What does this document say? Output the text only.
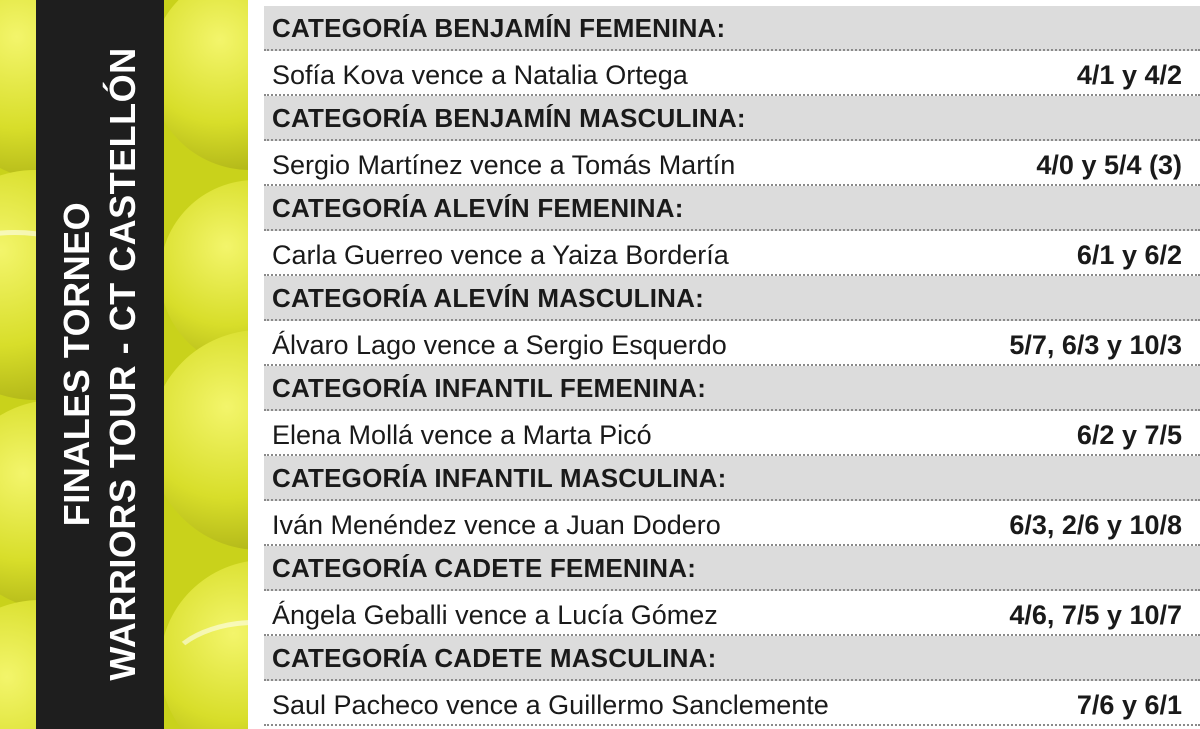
FINALES TORNEO WARRIORS TOUR - CT CASTELLÓN
CATEGORÍA BENJAMÍN FEMENINA:
Sofía Kova vence a Natalia Ortega	4/1 y 4/2
CATEGORÍA BENJAMÍN MASCULINA:
Sergio Martínez vence a Tomás Martín	4/0 y 5/4 (3)
CATEGORÍA ALEVÍN FEMENINA:
Carla Guerreo vence a Yaiza Bordería	6/1 y 6/2
CATEGORÍA ALEVÍN MASCULINA:
Álvaro Lago vence a Sergio Esquerdo	5/7, 6/3 y 10/3
CATEGORÍA INFANTIL FEMENINA:
Elena Mollá vence a Marta Picó	6/2 y 7/5
CATEGORÍA INFANTIL MASCULINA:
Iván Menéndez vence a Juan Dodero	6/3, 2/6 y 10/8
CATEGORÍA CADETE FEMENINA:
Ángela Geballi vence a Lucía Gómez	4/6, 7/5 y 10/7
CATEGORÍA CADETE MASCULINA:
Saul Pacheco vence a Guillermo Sanclemente	7/6 y 6/1
